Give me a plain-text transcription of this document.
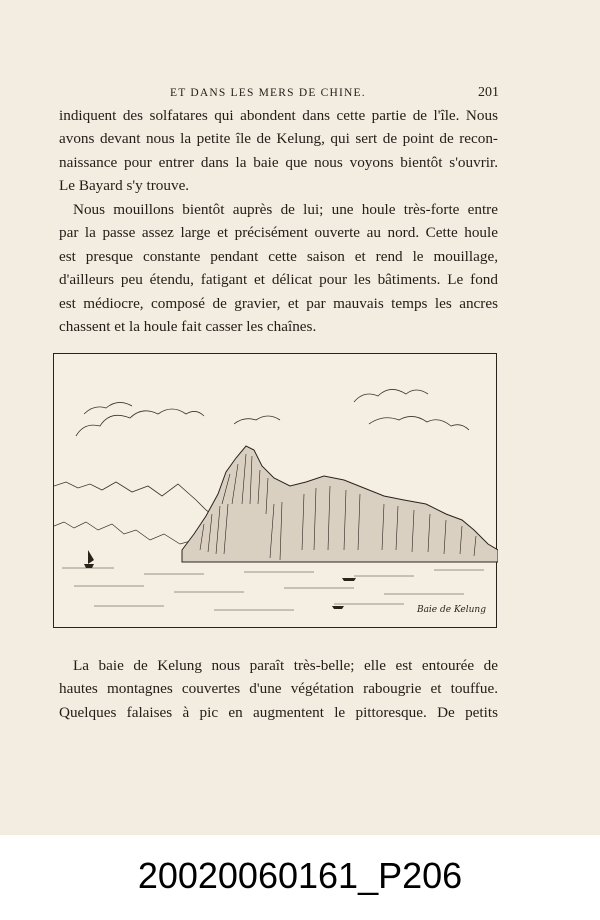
ET DANS LES MERS DE CHINE.	201

indiquent des solfatares qui abondent dans cette partie de l'île. Nous
avons devant nous la petite île de Kelung, qui sert de point de recon-
naissance pour entrer dans la baie que nous voyons bientôt s'ouvrir.
Le Bayard s'y trouve.

Nous mouillons bientôt auprès de lui; une houle très-forte entre
par la passe assez large et précisément ouverte au nord. Cette houle
est presque constante pendant cette saison et rend le mouillage,
d'ailleurs peu étendu, fatigant et délicat pour les bâtiments. Le fond
est médiocre, composé de gravier, et par mauvais temps les ancres
chassent et la houle fait casser les chaînes.

Baie de Kelung

La baie de Kelung nous paraît très-belle; elle est entourée de
hautes montagnes couvertes d'une végétation rabougrie et touffue.
Quelques falaises à pic en augmentent le pittoresque. De petits

20020060161_P206
